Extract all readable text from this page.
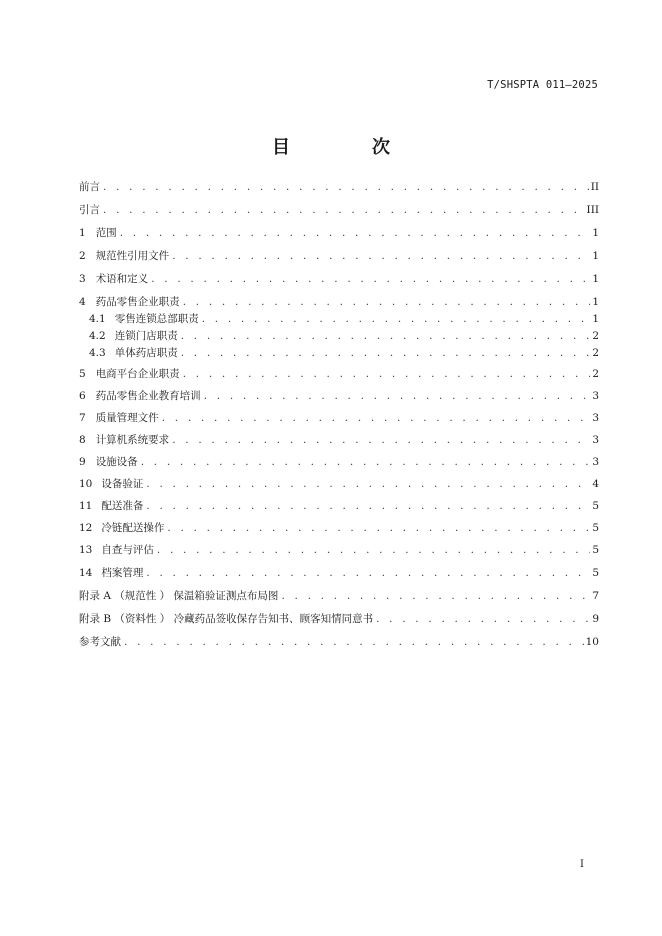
T/SHSPTA 011—2025
目　次
前言 . . .	II
引言 . . .	III
1 范围 . . .	1
2 规范性引用文件 . . .	1
3 术语和定义 . . .	1
4 药品零售企业职责 . . .	1
4.1 零售连锁总部职责 . . .	1
4.2 连锁门店职责 . . .	2
4.3 单体药店职责 . . .	2
5 电商平台企业职责 . . .	2
6 药品零售企业教育培训 . . .	3
7 质量管理文件 . . .	3
8 计算机系统要求 . . .	3
9 设施设备 . . .	3
10 设备验证 . . .	4
11 配送准备 . . .	5
12 冷链配送操作 . . .	5
13 自查与评估 . . .	5
14 档案管理 . . .	5
附录 A （规范性 ） 保温箱验证测点布局图 . . .	7
附录 B （资料性 ） 冷藏药品签收保存告知书、顾客知情同意书 . . .	9
参考文献 . . .	10
I
